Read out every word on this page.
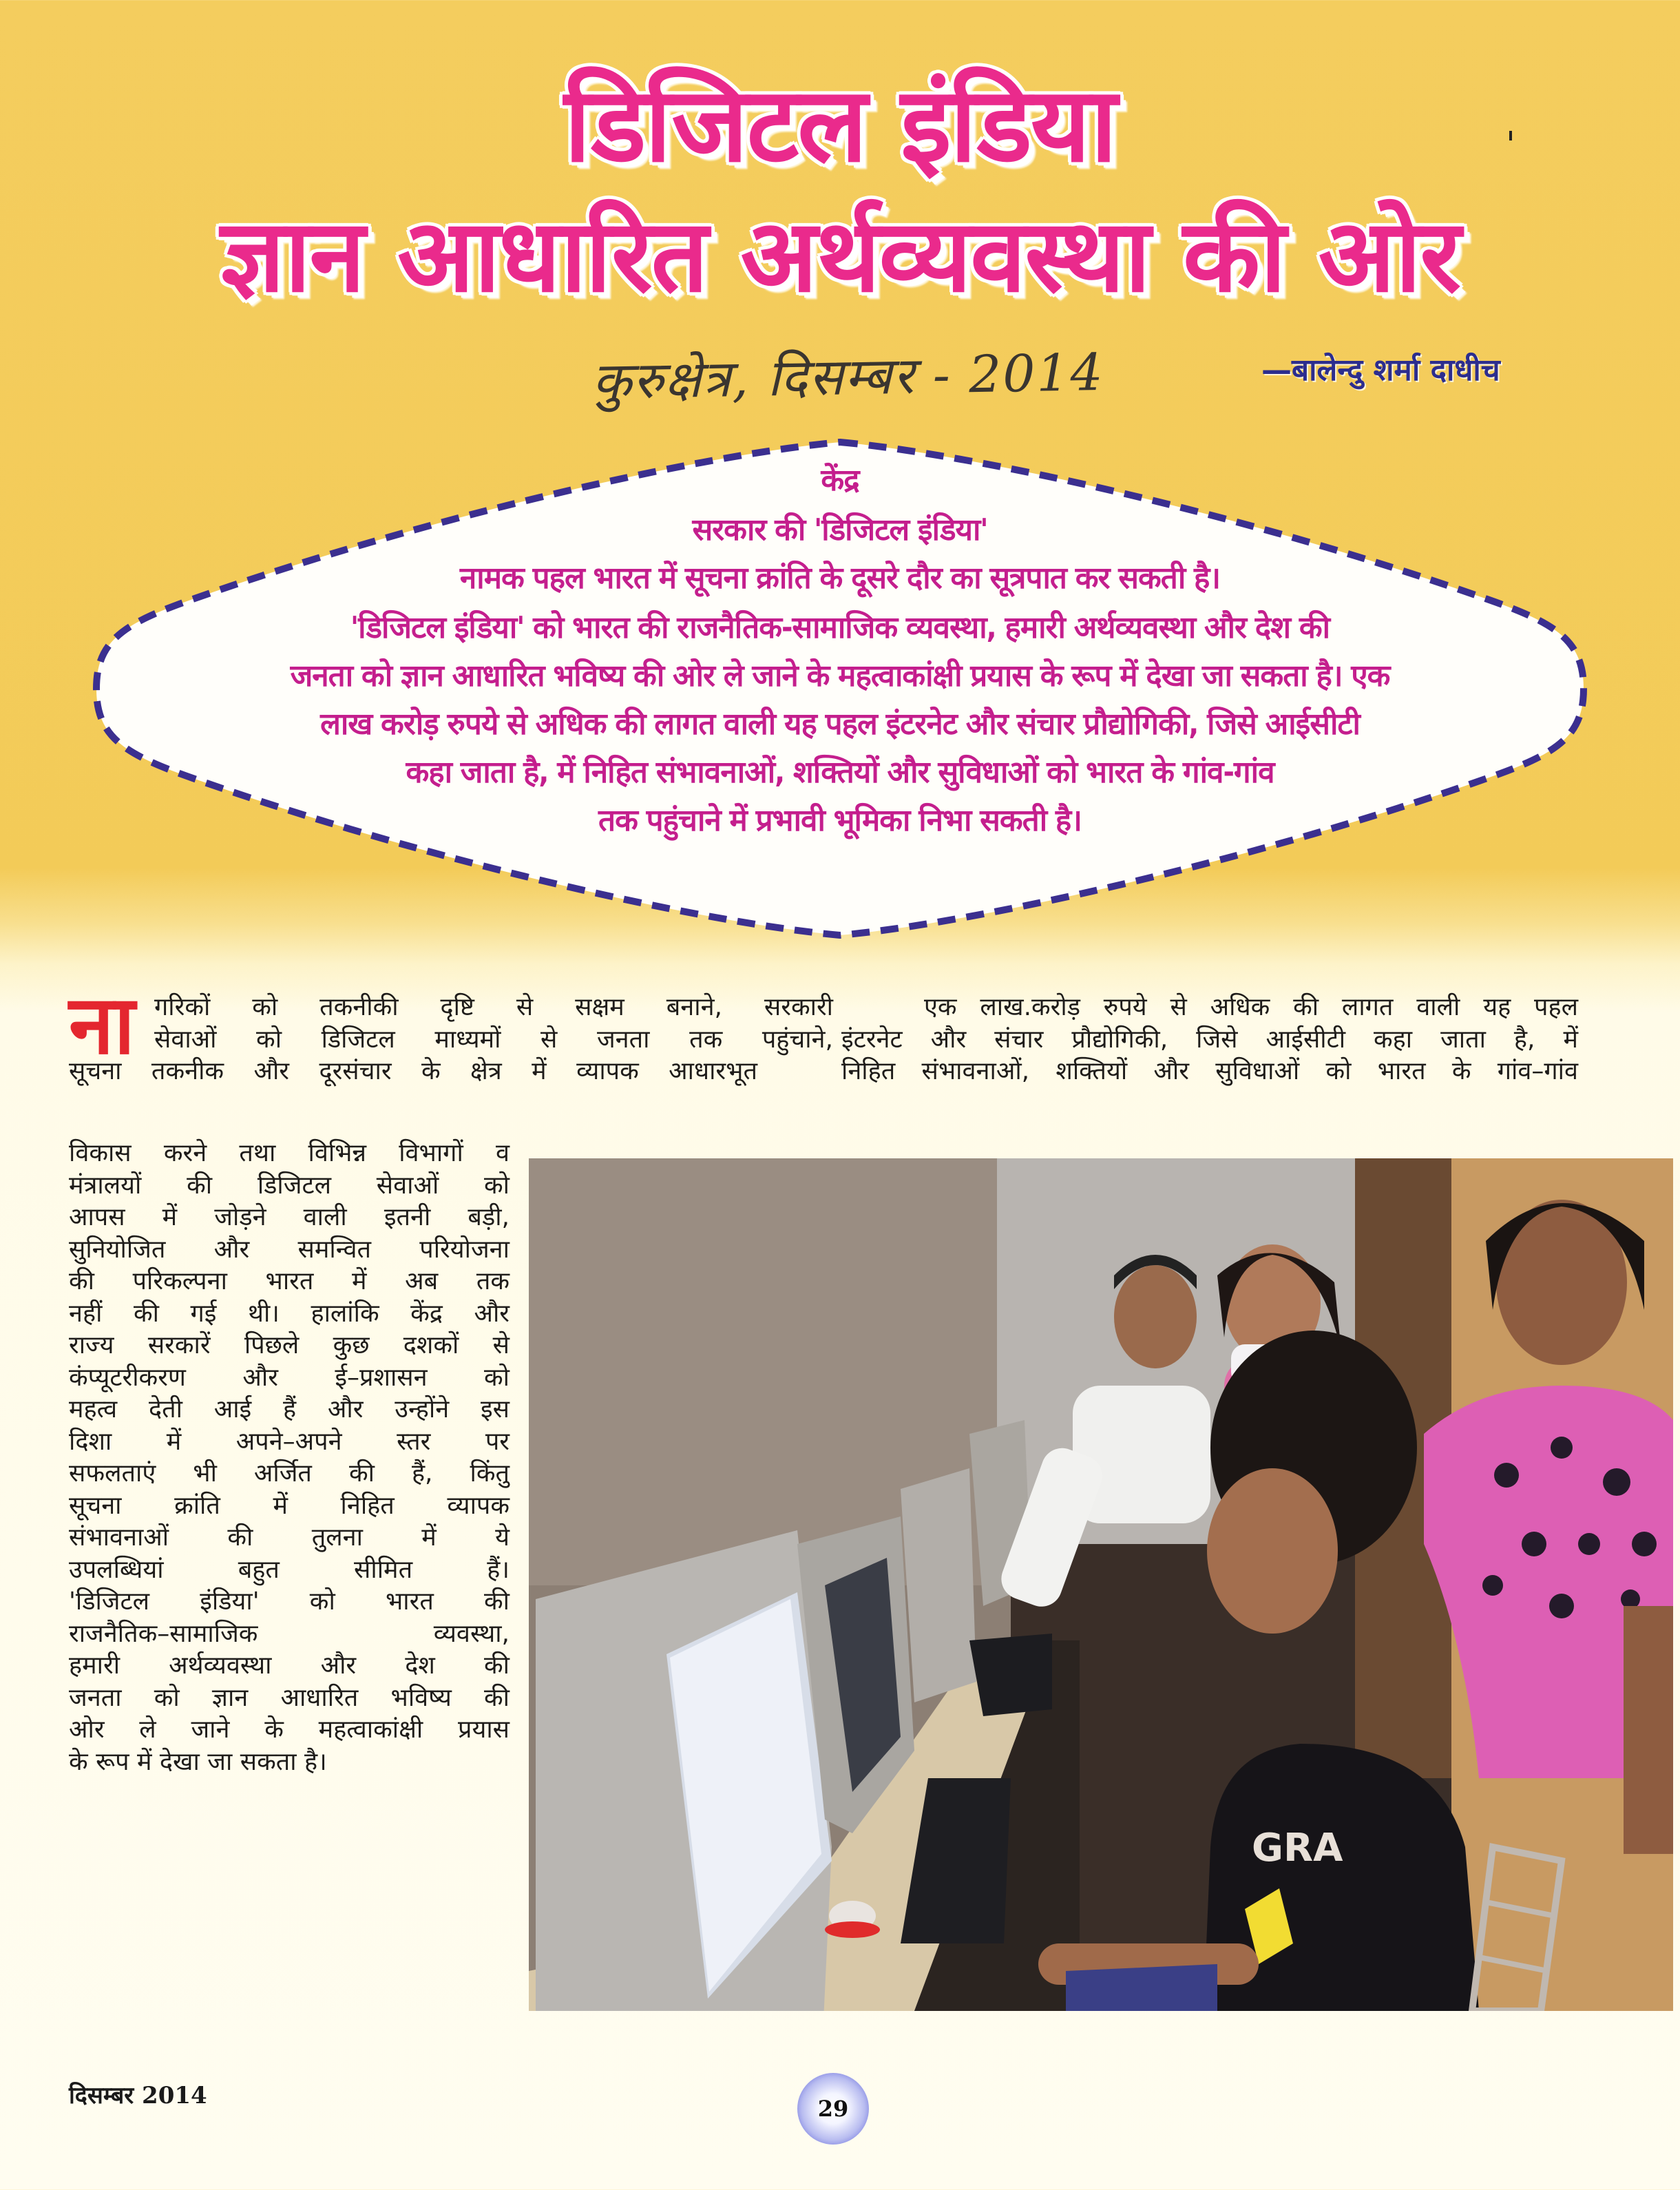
डिजिटल इंडिया
ज्ञान आधारित अर्थव्यवस्था की ओर
कुरुक्षेत्र, दिसम्बर - 2014	—बालेन्दु शर्मा दाधीच
केंद्र
सरकार की 'डिजिटल इंडिया'
नामक पहल भारत में सूचना क्रांति के दूसरे दौर का सूत्रपात कर सकती है।
'डिजिटल इंडिया' को भारत की राजनैतिक-सामाजिक व्यवस्था, हमारी अर्थव्यवस्था और देश की
जनता को ज्ञान आधारित भविष्य की ओर ले जाने के महत्वाकांक्षी प्रयास के रूप में देखा जा सकता है। एक
लाख करोड़ रुपये से अधिक की लागत वाली यह पहल इंटरनेट और संचार प्रौद्योगिकी, जिसे आईसीटी
कहा जाता है, में निहित संभावनाओं, शक्तियों और सुविधाओं को भारत के गांव-गांव
तक पहुंचाने में प्रभावी भूमिका निभा सकती है।
ना गरिकों को तकनीकी दृष्टि से सक्षम बनाने, सरकारी
सेवाओं को डिजिटल माध्यमों से जनता तक पहुंचाने,
सूचना तकनीक और दूरसंचार के क्षेत्र में व्यापक आधारभूत
एक लाख.करोड़ रुपये से अधिक की लागत वाली यह पहल
इंटरनेट और संचार प्रौद्योगिकी, जिसे आईसीटी कहा जाता है, में
निहित संभावनाओं, शक्तियों और सुविधाओं को भारत के गांव–गांव
विकास करने तथा विभिन्न विभागों व
मंत्रालयों की डिजिटल सेवाओं को
आपस में जोड़ने वाली इतनी बड़ी,
सुनियोजित और समन्वित परियोजना
की परिकल्पना भारत में अब तक
नहीं की गई थी। हालांकि केंद्र और
राज्य सरकारें पिछले कुछ दशकों से
कंप्यूटरीकरण और ई–प्रशासन को
महत्व देती आई हैं और उन्होंने इस
दिशा में अपने–अपने स्तर पर
सफलताएं भी अर्जित की हैं, किंतु
सूचना क्रांति में निहित व्यापक
संभावनाओं की तुलना में ये
उपलब्धियां बहुत सीमित हैं।
'डिजिटल इंडिया' को भारत की
राजनैतिक–सामाजिक व्यवस्था,
हमारी अर्थव्यवस्था और देश की
जनता को ज्ञान आधारित भविष्य की
ओर ले जाने के महत्वाकांक्षी प्रयास
के रूप में देखा जा सकता है।
GRA
दिसम्बर 2014	29
